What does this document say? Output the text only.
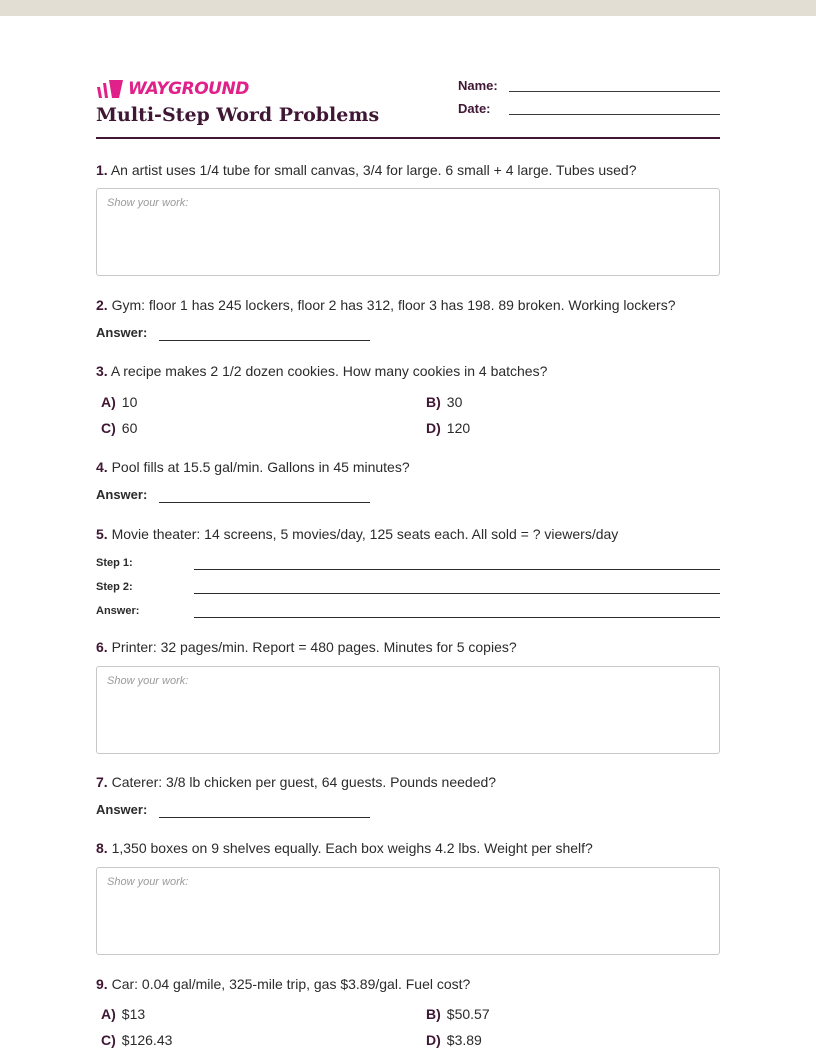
WAYGROUND
Multi-Step Word Problems
Name:
Date:
1. An artist uses 1/4 tube for small canvas, 3/4 for large. 6 small + 4 large. Tubes used?
Show your work:
2. Gym: floor 1 has 245 lockers, floor 2 has 312, floor 3 has 198. 89 broken. Working lockers?
Answer:
3. A recipe makes 2 1/2 dozen cookies. How many cookies in 4 batches?
A) 10	B) 30
C) 60	D) 120
4. Pool fills at 15.5 gal/min. Gallons in 45 minutes?
Answer:
5. Movie theater: 14 screens, 5 movies/day, 125 seats each. All sold = ? viewers/day
Step 1:
Step 2:
Answer:
6. Printer: 32 pages/min. Report = 480 pages. Minutes for 5 copies?
Show your work:
7. Caterer: 3/8 lb chicken per guest, 64 guests. Pounds needed?
Answer:
8. 1,350 boxes on 9 shelves equally. Each box weighs 4.2 lbs. Weight per shelf?
Show your work:
9. Car: 0.04 gal/mile, 325-mile trip, gas $3.89/gal. Fuel cost?
A) $13	B) $50.57
C) $126.43	D) $3.89
